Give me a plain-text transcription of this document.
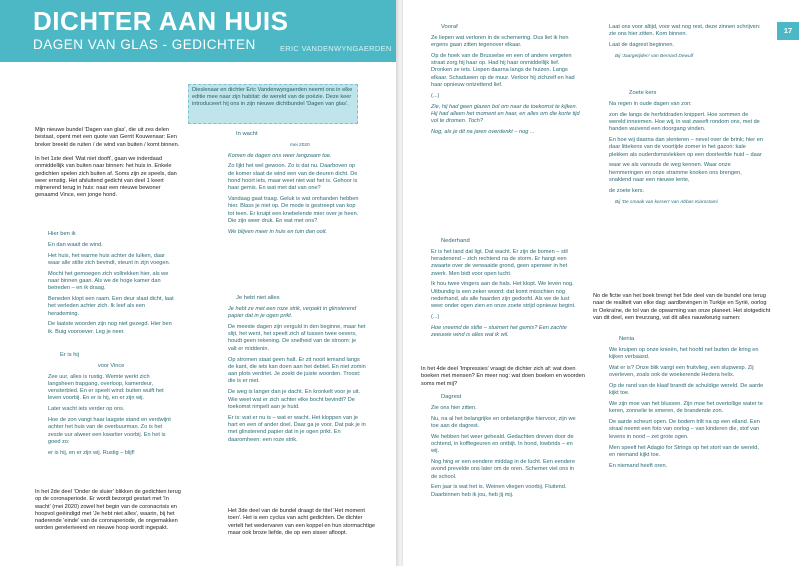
DICHTER AAN HUIS
DAGEN VAN GLAS - GEDICHTEN	ERIC VANDENWYNGAERDEN
Dieslenaar en dichter Eric Vandenwyngaerden neemt ons in elke editie mee naar zijn habitat: de wereld van de poëzie. Deze keer introduceert hij ons in zijn nieuwe dichtbundel 'Dagen van glas'.
Mijn nieuwe bundel 'Dagen van glas', die uit zes delen bestaat, opent met een quote van Gerrit Kouwenaar: Een breker breekt de ruiten / de wind van buiten / komt binnen.
In het 1ste deel 'Wat niet dooft', gaan we inderdaad onmiddellijk van buiten naar binnen: het huis in. Enkele gedichten spelen zich buiten af. Soms zijn ze speels, dan weer ernstig. Het afsluitend gedicht van deel 1 keert mijmerend terug in huis: naar een nieuwe bewoner genaamd Vince, een jonge hond.

Hier ben ik

En dan waait de wind.

Het huis, het warme huis achter de luiken, daar waar alle stilte zich bevindt, steunt in zijn voegen.

Mocht het gemoegen zich vollrekken hier, als we naar binnen gaan. Als we de hoge kamer dan betreden – en ik draag.

Beneden klopt een raam. Een deur slaat dicht, laat het verleden achter zich. Ik leef als een herademing.

De laatste woorden zijn nog niet gezegd. Hier ben ik. Buig vooroever. Leg je neer.

Er is hij

voor Vince

Zee uur, alles is rustig. Wemte werkt zich langsheen trapgang, overloop, kamerdeur, vensterbled. En er speelt wind: buiten wuift het leven voorbij. En er is hij, en er zijn wij.

Later wacht iets verder op ons.

Hoe de zon vangt haar laagste stand en verdwijnt achter het huis van de overbuurman. Zo is het zesde uur alweer een kwartier voorbij. En het is goed zo:

er is hij, en er zijn wij. Rustig – blijf!

In het 2de deel 'Onder de sluier' blikken de gedichten terug op de coronaperiode. Er wordt bezorgd gestart met 'In wacht' (mei 2020) zowel het begin van de coronacrisis en hoopvol geëindigd met 'Je hebt niet alles', waarin, bij het naderende 'einde' van de coronaperiode, de ongemakken worden gereleriveerd en nieuwe hoop wordt ingepakt.

In wacht

mei 2020

Komen de dagen ons weer langzaam toe.

Zo lijkt het wel gewoon. Zo is dat nu. Daarboven op de komer slaat de wind een van de deuren dicht. De hond hoort iets, maar weet niet wat het is. Gehoor is haar gemis. En wat met dat van one?

Vandaag gaat traag. Geluk is wat omhanden hebben hier. Blass je niet op. De mode is gestreept van kop tot teen. Er kruipt een knebelende mier over je heen. Die zijn weer druk. En wat met ons?

We blijven meer in huis en tuin dan ooit.

Je hebt niet alles

Je hebt ze met een roze strik, verpakt in glinsterend papier dat in je ogen prikt.

De meeste dagen zijn verguld in den beginne, maar het slijt, het went, het speelt zich af tussen twee oevers, houdt geen rekening. De snelheid van de stroom: je valt er middenin.

Op stromen staat geen halt. Er zit nooit iemand langs de kant, die iets kan doen aan het debiet. En niet zomin aan plots verdriet. Je zoekt de juiste woorden. Troost: die is er niet.

De weg is langer dan je dacht. En kronkelt voor je uit. Wie weet wat er zich achter elke bocht bevindt? De toekomst rimpelt aan je huid.

Er is: wat er nu is – wat er wacht. Het kloppen van je hart en een of ander doel. Daar ga je voor. Dat pak je in met glinsterend papier dat in je ogen prikt. En daaromheen: een roze strik.

Het 3de deel van de bundel draagt de titel 'Het moment toen'. Het is een cyclus van acht gedichten. De dichter vertelt het wedervaren van een koppel en hun stormachtige maar ook broze liefde, die op een sisser afloopt.
17

Vooraf

Ze liepen wat verloren in de schemering. Dus liet ik hen ergens gaan zitten tegenover elkaar.

Op de hoek van de Brusselse en een of andere vergeten straat zorg hij haar op. Had hij haar onmiddellijk lief. Dronken ze iets. Liepen daarna langs de huizen. Langs elkaar. Schaduwen op de muur. Verloor hij zichzelf en had haar opnieuw ontzettend lief.

(...)

Zie, hij had geen glazen bol om naar de toekomst te kijken. Hij had alleen het moment en haar, en alles om die korte tijd vol te dromen. Toch?

Nog, als je dit na jaren overdenkt – nog ...

Nederhand

Er is het land dat ligt. Dat wacht. Er zijn de bomen – stil heradenend – zich rechtend na de storm. Er hangt een zwaarte over de verwaaide grond, geen spenwer in het zwerk. Men bidt voor open lucht.

Ik hou twee vingers aan de hals. Het klopt. We leven nog. Uitbundig is een zeker woord: dat komt misschien nog nederhand, als alle haarden zijn gedoofd. Als we de lust weer onder ogen zien en onze zoete strijd opnieuw begint.

(...)

Hoe vreemd de stilte – stuimert het gemis? Een zachte zeeuwie wind is alles wat ik wil.

In het 4de deel 'Impressies' vraagt de dichter zich af: wat doen boeken met mensen? En meer nog: wat doen boeken en woorden soms met mij?

Dagrest

Zie ons hier zitten.

Nu, na al het belangrijke en onbelangrijke hiervoor, zijn we toe aan de dagrest.

We hebben het weer geheald. Gedachten dreven door de ochtend, in koffiegeuren en ontbijt. In hond, lowbrids – en wij.

Nog hing er een eendere middag in de lucht. Een eendere avond prevelde ons later om de oren. Schemer viel ons in de school.

Een jaar is wat het is. Weinen vliegen voorbij. Fluitend. Daarbinnen heb ik jou, heb jij mij.

Laat ons voor altijd, voor wat nog rest, deze zinnen schrijven: zie ons hier zitten. Kom binnen.

Laat de dagrest beginnen.

Bij 'Jaargetijden' van Bernard Dewulf

Zoete kers

Na regen in oude dagen van zon:

zon die langs de herfstdraden knippert. Hoe sommen de wereld inneemen. Hoe wij, in wat zweeft rondom ons, met de handen wuivend een doorgang vinden.

En hoe wij daarna dan slenteren – nevel over de brink; hier en daar littekens van de voortijde zomer in het gazon: kale plekken als ouderdomsvlekken op een doorleefde huid – daar

waar we als vanouds de weg kennen. Waar onze hemmeringen en onze stramme knoken ons brengen, snaklend naar een nieuwe lente,

de zoete kers.

Bij 'De smaak van kersen' van Abbas Kiarostami

No de fictie van het boek brengt het 5de deel van de bundel ons terug naar de realiteit van elke dag: aardbevingen in Turkije en Syrië, oorlog in Oekraïne, de tol van de opwarming van onze planeet. Het slotgedicht van dit deel, een treurzang, vat dit alles nauwkeurig samen:

Nenia

We kruipen op onze knieën, het hoofd net buiten de kring en kijken verbaasd.

Wat er is? Onze blik vangt een fruitvlieg, een slupwesp. Zij overleven, zoals ook de woekerende Hedera helix.

Op de rand van de klaaf brandt de schuldige wereld. De aarde kijkt toe.

We zijn moe van het blussen. Zijn moe het overtollige water te keren, zonnelie te smeren, de brandende zon.

De aarde scheurt open. De bodem trilt na op een eiland. Een straal neemt een foto van oorlog – van kinderen die, stof van levens in nood – zet grote ogen.

Men speelt het Adagio for Strings op het stort van de wereld, en niemand kijkt toe.

En niemand heeft oren.
